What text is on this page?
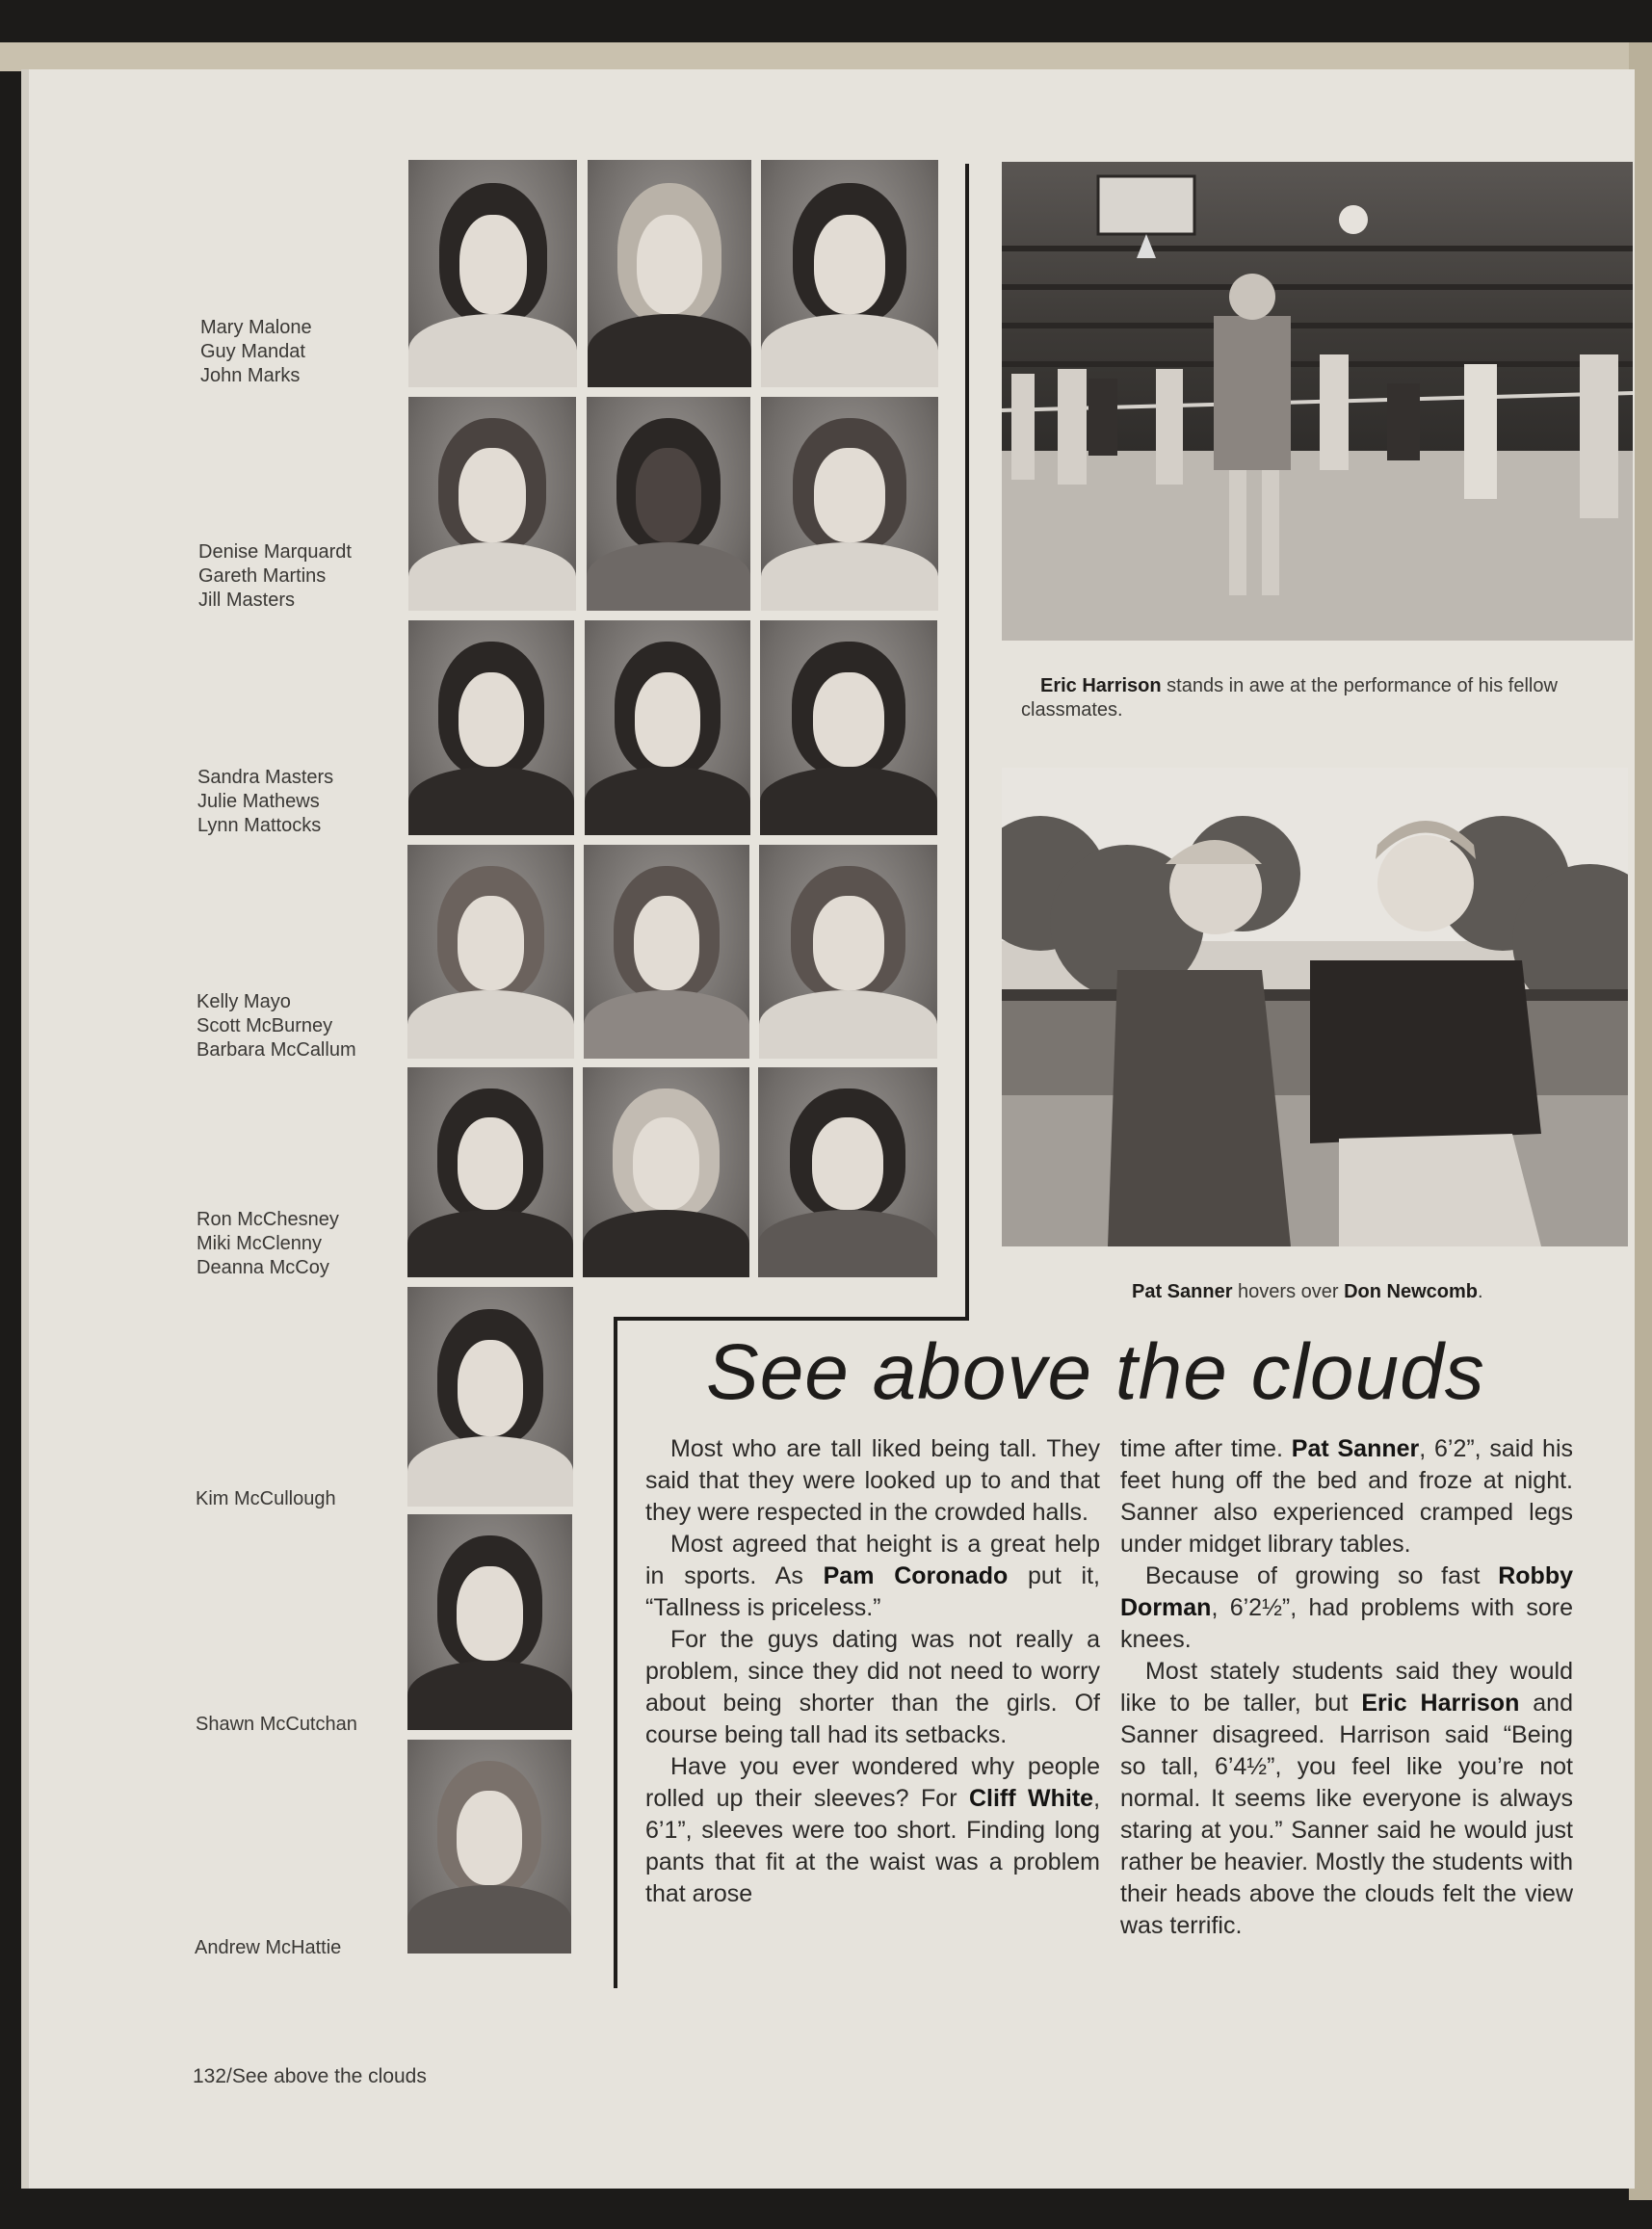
Mary Malone
Guy Mandat
John Marks
Denise Marquardt
Gareth Martins
Jill Masters
Sandra Masters
Julie Mathews
Lynn Mattocks
Kelly Mayo
Scott McBurney
Barbara McCallum
Ron McChesney
Miki McClenny
Deanna McCoy
Kim McCullough
Shawn McCutchan
Andrew McHattie
Eric Harrison stands in awe at the performance of his fellow classmates.
Pat Sanner hovers over Don Newcomb.
See above the clouds

Most who are tall liked being tall. They said that they were looked up to and that they were respected in the crowded halls.

Most agreed that height is a great help in sports. As Pam Coronado put it, “Tallness is priceless.”

For the guys dating was not really a problem, since they did not need to worry about being shorter than the girls. Of course being tall had its setbacks.

Have you ever wondered why people rolled up their sleeves? For Cliff White, 6’1”, sleeves were too short. Finding long pants that fit at the waist was a problem that arose

time after time. Pat Sanner, 6’2”, said his feet hung off the bed and froze at night. Sanner also experienced cramped legs under midget library tables.

Because of growing so fast Robby Dorman, 6’2½”, had problems with sore knees.

Most stately students said they would like to be taller, but Eric Harrison and Sanner disagreed. Harrison said “Being so tall, 6’4½”, you feel like you’re not normal. It seems like everyone is always staring at you.” Sanner said he would just rather be heavier. Mostly the students with their heads above the clouds felt the view was terrific.

132/See above the clouds
